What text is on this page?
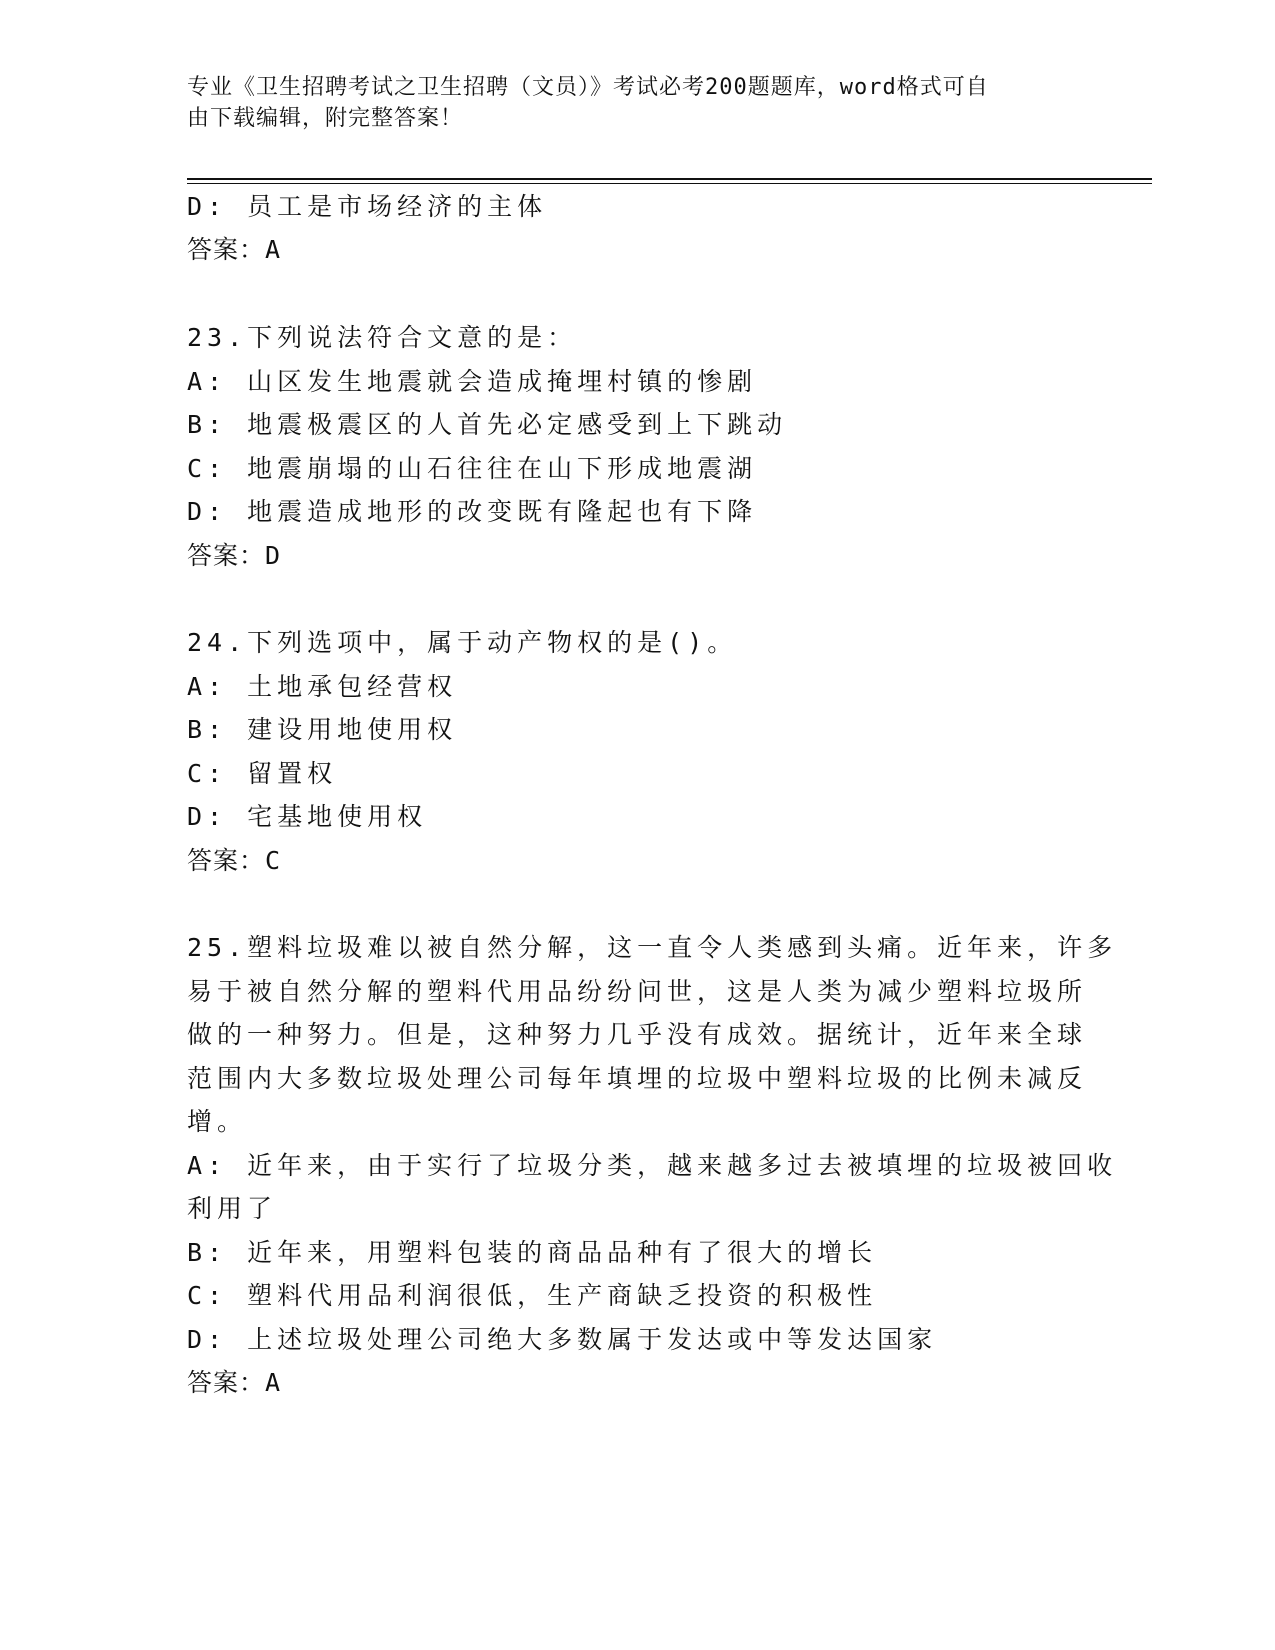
专业《卫生招聘考试之卫生招聘（文员）》考试必考200题题库，word格式可自
由下载编辑，附完整答案！
D: 员工是市场经济的主体
答案：A
23.下列说法符合文意的是：
A: 山区发生地震就会造成掩埋村镇的惨剧
B: 地震极震区的人首先必定感受到上下跳动
C: 地震崩塌的山石往往在山下形成地震湖
D: 地震造成地形的改变既有隆起也有下降
答案：D
24.下列选项中，属于动产物权的是()。
A: 土地承包经营权
B: 建设用地使用权
C: 留置权
D: 宅基地使用权
答案：C
25.塑料垃圾难以被自然分解，这一直令人类感到头痛。近年来，许多
易于被自然分解的塑料代用品纷纷问世，这是人类为减少塑料垃圾所
做的一种努力。但是，这种努力几乎没有成效。据统计，近年来全球
范围内大多数垃圾处理公司每年填埋的垃圾中塑料垃圾的比例未减反
增。
A: 近年来，由于实行了垃圾分类，越来越多过去被填埋的垃圾被回收
利用了
B: 近年来，用塑料包装的商品品种有了很大的增长
C: 塑料代用品利润很低，生产商缺乏投资的积极性
D: 上述垃圾处理公司绝大多数属于发达或中等发达国家
答案：A
